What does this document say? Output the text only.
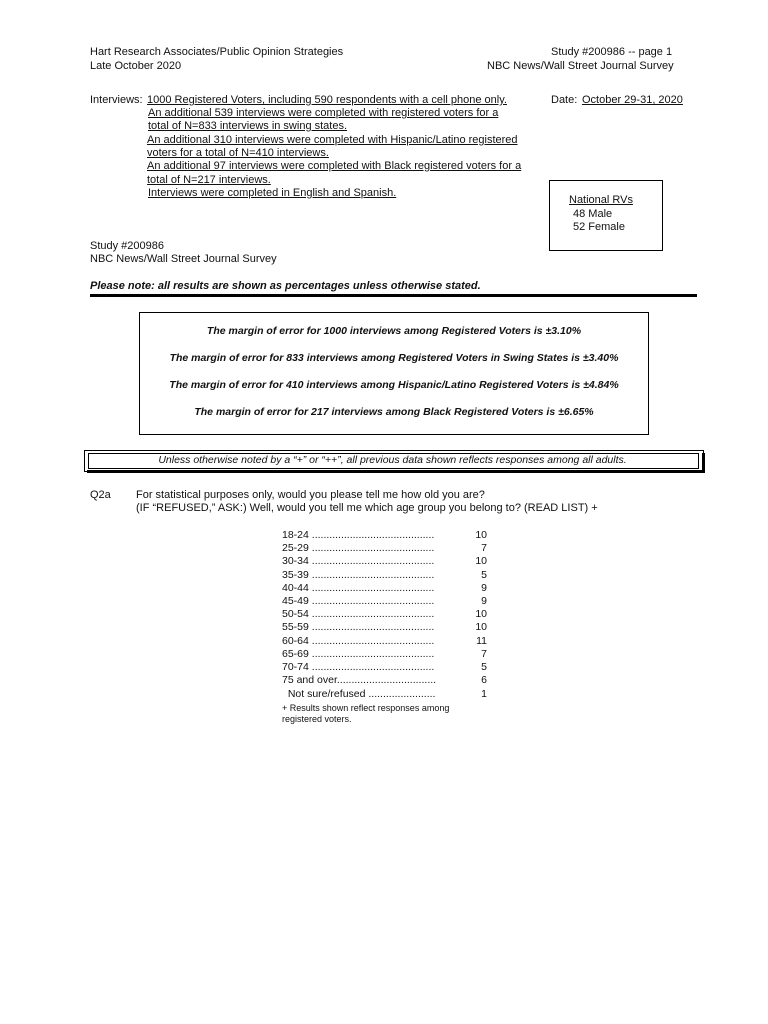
Hart Research Associates/Public Opinion Strategies
Late October 2020
Study #200986 -- page 1
NBC News/Wall Street Journal Survey
Interviews: 1000 Registered Voters, including 590 respondents with a cell phone only.
An additional 539 interviews were completed with registered voters for a
total of N=833 interviews in swing states.
An additional 310 interviews were completed with Hispanic/Latino registered
voters for a total of N=410 interviews.
An additional 97 interviews were completed with Black registered voters for a
total of N=217 interviews.
Interviews were completed in English and Spanish.
Date: October 29-31, 2020
National RVs
48 Male
52 Female
Study #200986
NBC News/Wall Street Journal Survey
Please note: all results are shown as percentages unless otherwise stated.
The margin of error for 1000 interviews among Registered Voters is ±3.10%
The margin of error for 833 interviews among Registered Voters in Swing States is ±3.40%
The margin of error for 410 interviews among Hispanic/Latino Registered Voters is ±4.84%
The margin of error for 217 interviews among Black Registered Voters is ±6.65%
Unless otherwise noted by a “+” or “++”, all previous data shown reflects responses among all adults.
Q2a For statistical purposes only, would you please tell me how old you are?
(IF “REFUSED,” ASK:) Well, would you tell me which age group you belong to? (READ LIST) +
18-24 ..........................................	10
25-29 ..........................................	7
30-34 ..........................................	10
35-39 ..........................................	5
40-44 ..........................................	9
45-49 ..........................................	9
50-54 ..........................................	10
55-59 ..........................................	10
60-64 ..........................................	11
65-69 ..........................................	7
70-74 ..........................................	5
75 and over..................................	6
Not sure/refused .......................	1
+ Results shown reflect responses among
registered voters.
